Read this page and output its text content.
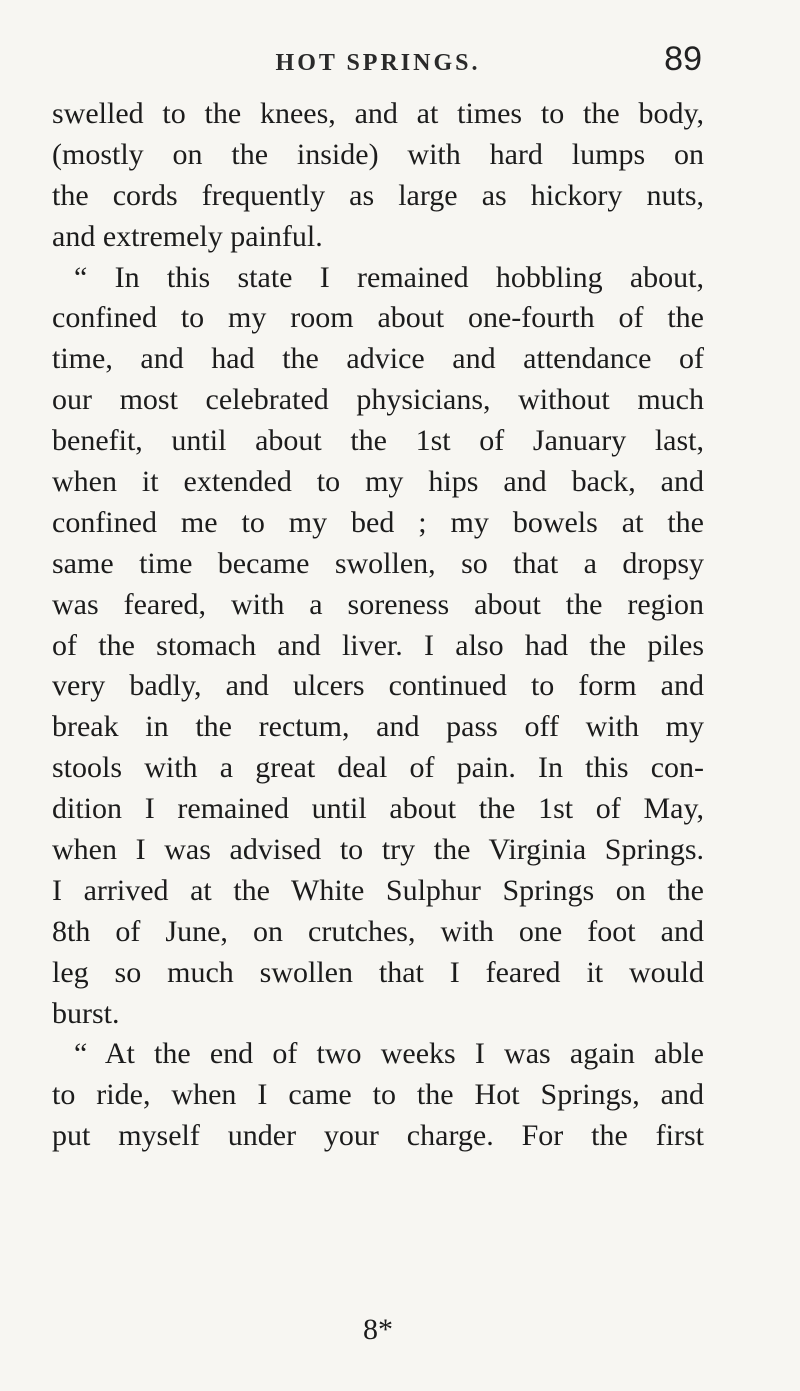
HOT SPRINGS.	89
swelled to the knees, and at times to the body,
(mostly on the inside) with hard lumps on
the cords frequently as large as hickory nuts,
and extremely painful.
“ In this state I remained hobbling about,
confined to my room about one-fourth of the
time, and had the advice and attendance of
our most celebrated physicians, without much
benefit, until about the 1st of January last,
when it extended to my hips and back, and
confined me to my bed ; my bowels at the
same time became swollen, so that a dropsy
was feared, with a soreness about the region
of the stomach and liver. I also had the piles
very badly, and ulcers continued to form and
break in the rectum, and pass off with my
stools with a great deal of pain. In this con-
dition I remained until about the 1st of May,
when I was advised to try the Virginia Springs.
I arrived at the White Sulphur Springs on the
8th of June, on crutches, with one foot and
leg so much swollen that I feared it would
burst.
“ At the end of two weeks I was again able
to ride, when I came to the Hot Springs, and
put myself under your charge. For the first
8*
